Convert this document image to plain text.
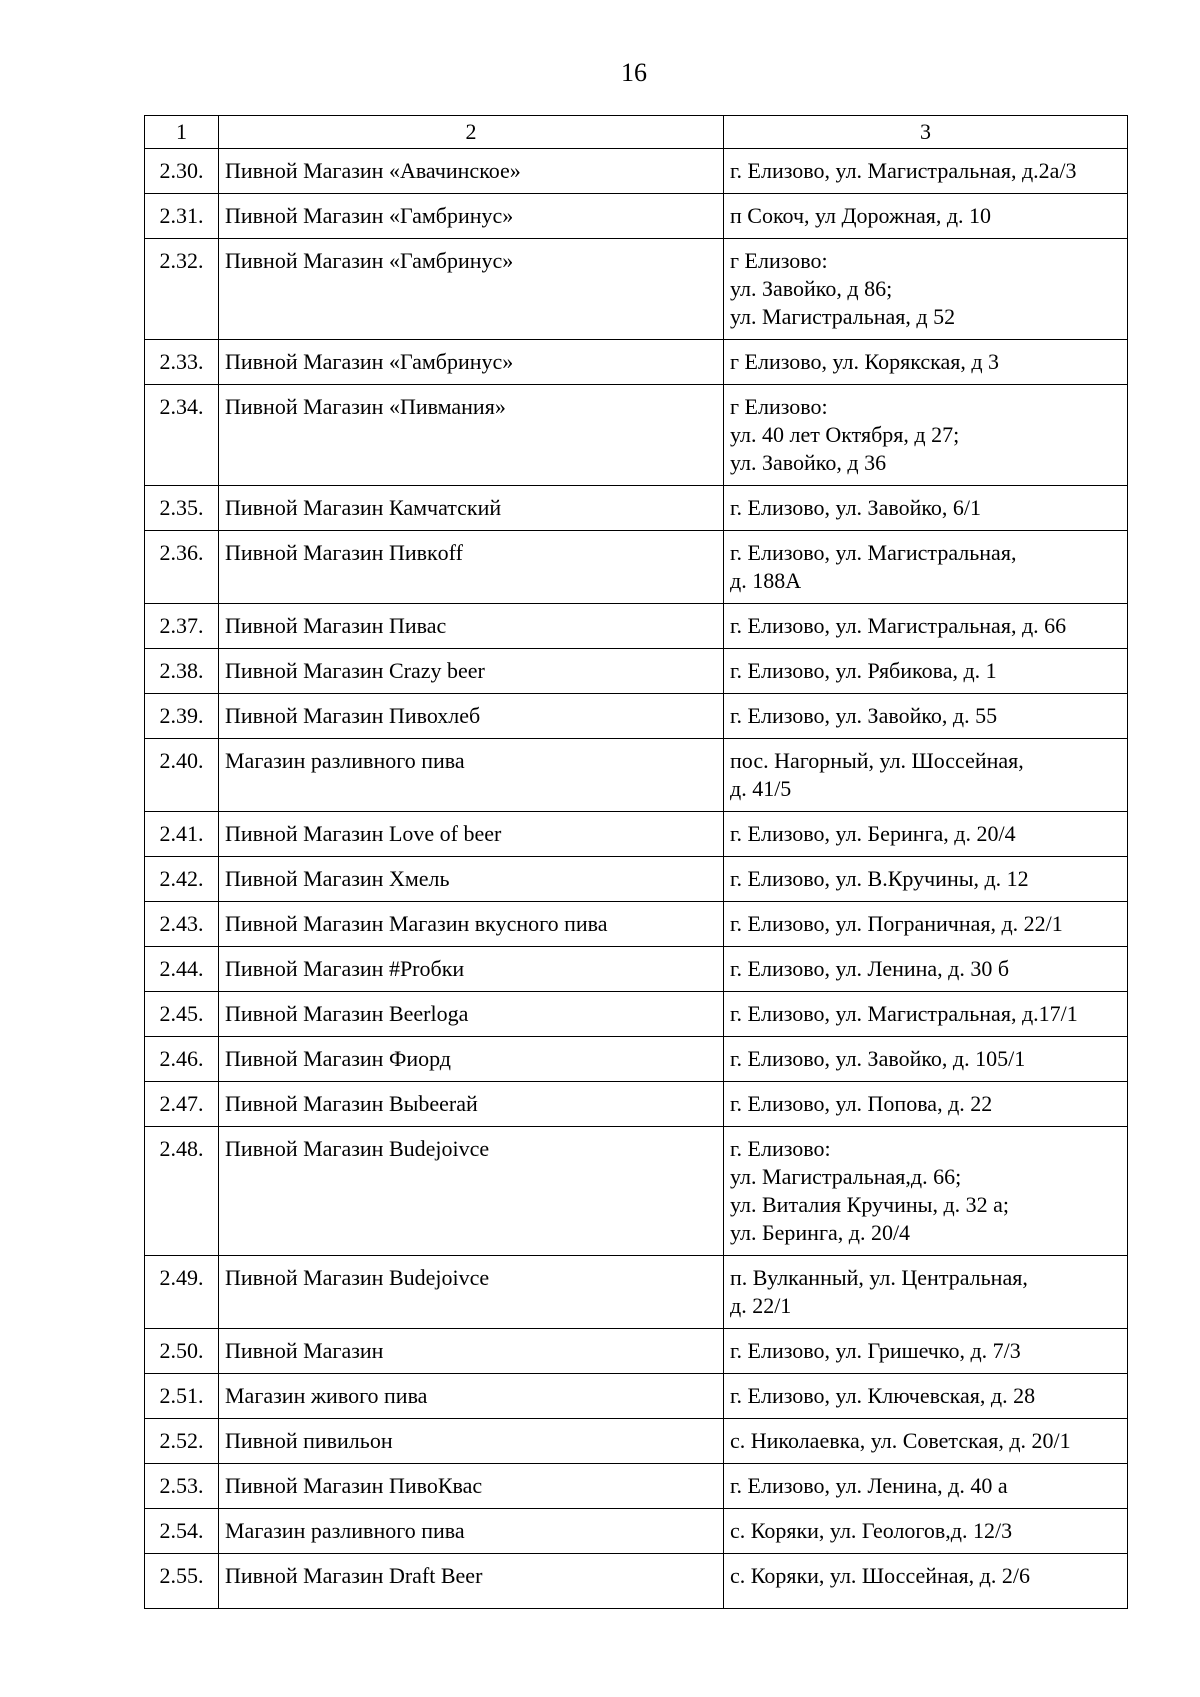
16
1	2	3
2.30.	Пивной Магазин «Авачинское»	г. Елизово, ул. Магистральная, д.2а/3

2.31.	Пивной Магазин «Гамбринус»	п Сокоч, ул Дорожная, д. 10

2.32.	Пивной Магазин «Гамбринус»	г Елизово:
ул. Завойко, д 86;
ул. Магистральная, д 52

2.33.	Пивной Магазин «Гамбринус»	г Елизово, ул. Корякская, д 3

2.34.	Пивной Магазин «Пивмания»	г Елизово:
ул. 40 лет Октября, д 27;
ул. Завойко, д 36

2.35.	Пивной Магазин Камчатский	г. Елизово, ул. Завойко, 6/1

2.36.	Пивной Магазин Пивкoff	г. Елизово, ул. Магистральная,
д. 188А

2.37.	Пивной Магазин Пивас	г. Елизово, ул. Магистральная, д. 66

2.38.	Пивной Магазин Crazy beer	г. Елизово, ул. Рябикова, д. 1

2.39.	Пивной Магазин Пивохлеб	г. Елизово, ул. Завойко, д. 55

2.40.	Магазин разливного пива	пос. Нагорный, ул. Шоссейная,
д. 41/5

2.41.	Пивной Магазин Love of beer	г. Елизово, ул. Беринга, д. 20/4

2.42.	Пивной Магазин Хмель	г. Елизово, ул. В.Кручины, д. 12

2.43.	Пивной Магазин Магазин вкусного пива	г. Елизово, ул. Пограничная, д. 22/1

2.44.	Пивной Магазин #Рrобки	г. Елизово, ул. Ленина, д. 30 б

2.45.	Пивной Магазин Beerloga	г. Елизово, ул. Магистральная, д.17/1

2.46.	Пивной Магазин Фиорд	г. Елизово, ул. Завойко, д. 105/1

2.47.	Пивной Магазин Выbeerай	г. Елизово, ул. Попова, д. 22

2.48.	Пивной Магазин Budejoivce	г. Елизово:
ул. Магистральная,д. 66;
ул. Виталия Кручины, д. 32 а;
ул. Беринга, д. 20/4

2.49.	Пивной Магазин Budejoivce	п. Вулканный, ул. Центральная,
д. 22/1

2.50.	Пивной Магазин	г. Елизово, ул. Гришечко, д. 7/3

2.51.	Магазин живого пива	г. Елизово, ул. Ключевская, д. 28

2.52.	Пивной пивильон	с. Николаевка, ул. Советская, д. 20/1

2.53.	Пивной Магазин ПивоКвас	г. Елизово, ул. Ленина, д. 40 а

2.54.	Магазин разливного пива	с. Коряки, ул. Геологов,д. 12/3

2.55.	Пивной Магазин Draft Beer	с. Коряки, ул. Шоссейная, д. 2/6
